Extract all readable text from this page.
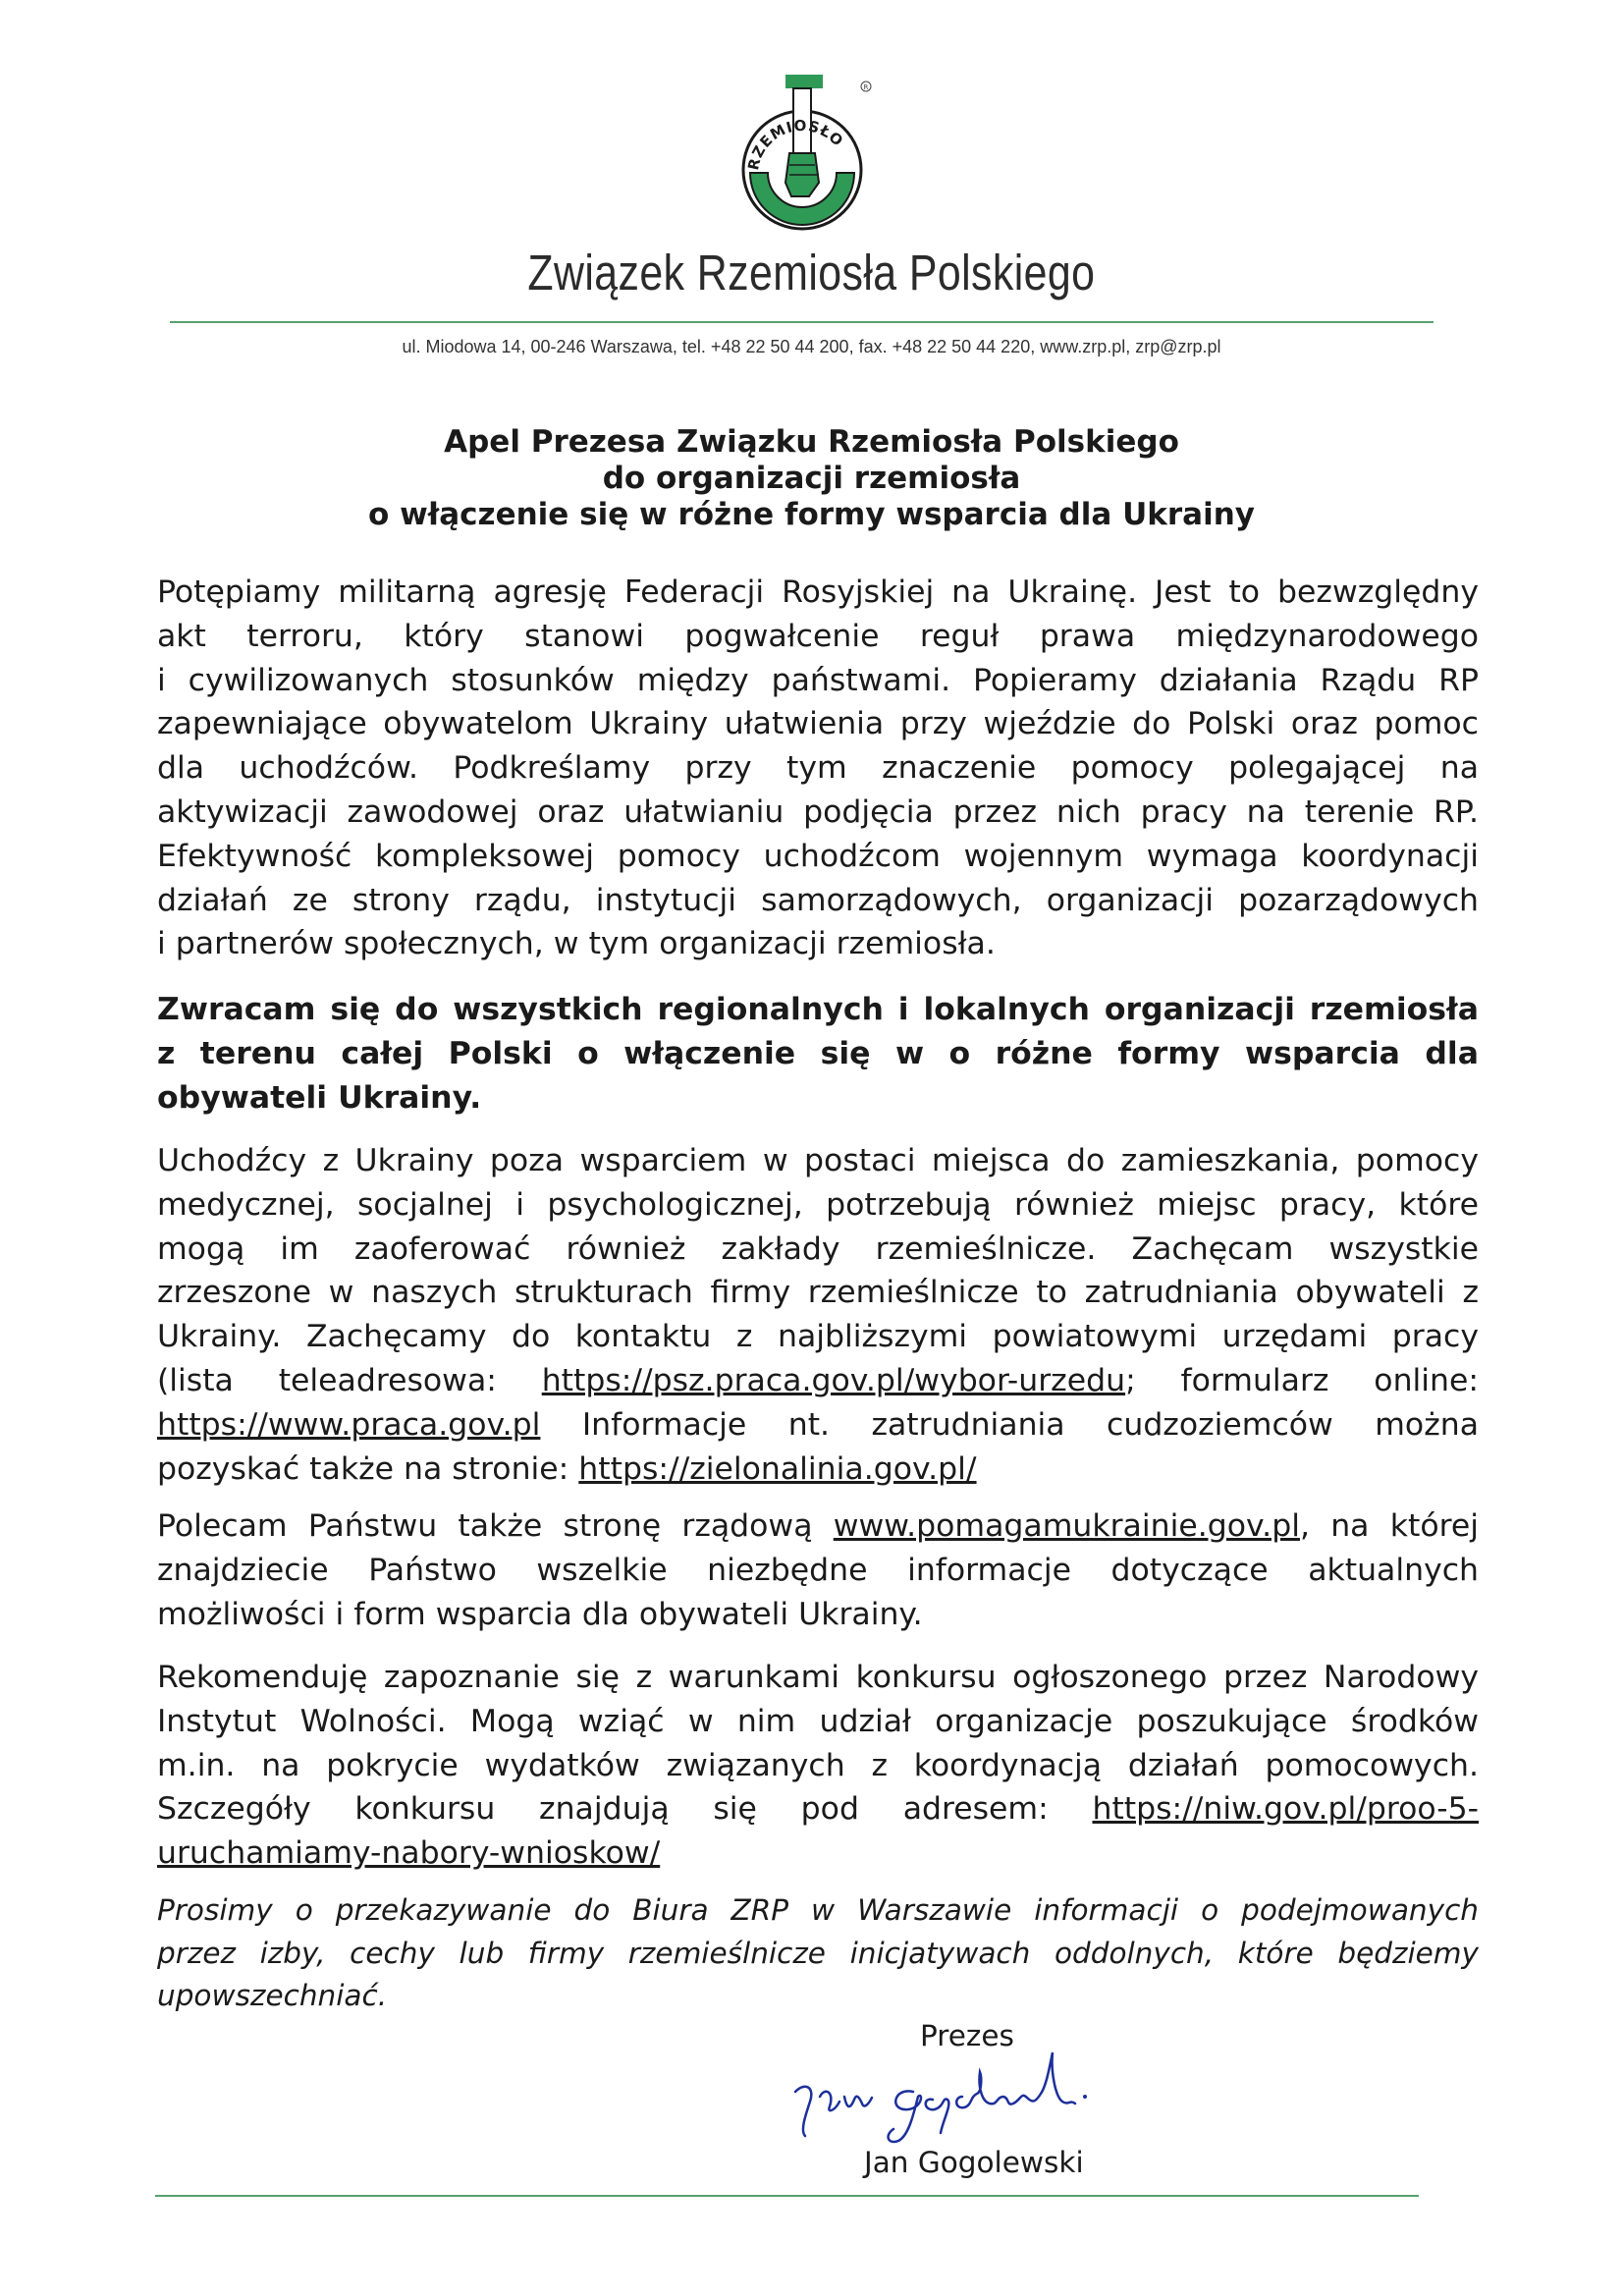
R
RZEMIOSŁO
Związek Rzemiosła Polskiego
ul. Miodowa 14, 00-246 Warszawa, tel. +48 22 50 44 200, fax. +48 22 50 44 220, www.zrp.pl, zrp@zrp.pl
Apel Prezesa Związku Rzemiosła Polskiego
do organizacji rzemiosła
o włączenie się w różne formy wsparcia dla Ukrainy
Potępiamy militarną agresję Federacji Rosyjskiej na Ukrainę. Jest to bezwzględny
akt terroru, który stanowi pogwałcenie reguł prawa międzynarodowego
i cywilizowanych stosunków między państwami. Popieramy działania Rządu RP
zapewniające obywatelom Ukrainy ułatwienia przy wjeździe do Polski oraz pomoc
dla uchodźców. Podkreślamy przy tym znaczenie pomocy polegającej na
aktywizacji zawodowej oraz ułatwianiu podjęcia przez nich pracy na terenie RP.
Efektywność kompleksowej pomocy uchodźcom wojennym wymaga koordynacji
działań ze strony rządu, instytucji samorządowych, organizacji pozarządowych
i partnerów społecznych, w tym organizacji rzemiosła.
Zwracam się do wszystkich regionalnych i lokalnych organizacji rzemiosła
z terenu całej Polski o włączenie się w o różne formy wsparcia dla
obywateli Ukrainy.
Uchodźcy z Ukrainy poza wsparciem w postaci miejsca do zamieszkania, pomocy
medycznej, socjalnej i psychologicznej, potrzebują również miejsc pracy, które
mogą im zaoferować również zakłady rzemieślnicze. Zachęcam wszystkie
zrzeszone w naszych strukturach firmy rzemieślnicze to zatrudniania obywateli z
Ukrainy. Zachęcamy do kontaktu z najbliższymi powiatowymi urzędami pracy
(lista teleadresowa: https://psz.praca.gov.pl/wybor-urzedu; formularz online:
https://www.praca.gov.pl Informacje nt. zatrudniania cudzoziemców można
pozyskać także na stronie: https://zielonalinia.gov.pl/
Polecam Państwu także stronę rządową www.pomagamukrainie.gov.pl, na której
znajdziecie Państwo wszelkie niezbędne informacje dotyczące aktualnych
możliwości i form wsparcia dla obywateli Ukrainy.
Rekomenduję zapoznanie się z warunkami konkursu ogłoszonego przez Narodowy
Instytut Wolności. Mogą wziąć w nim udział organizacje poszukujące środków
m.in. na pokrycie wydatków związanych z koordynacją działań pomocowych.
Szczegóły konkursu znajdują się pod adresem: https://niw.gov.pl/proo-5-
uruchamiamy-nabory-wnioskow/
Prosimy o przekazywanie do Biura ZRP w Warszawie informacji o podejmowanych
przez izby, cechy lub firmy rzemieślnicze inicjatywach oddolnych, które będziemy
upowszechniać.
Prezes
Jan Gogolewski
